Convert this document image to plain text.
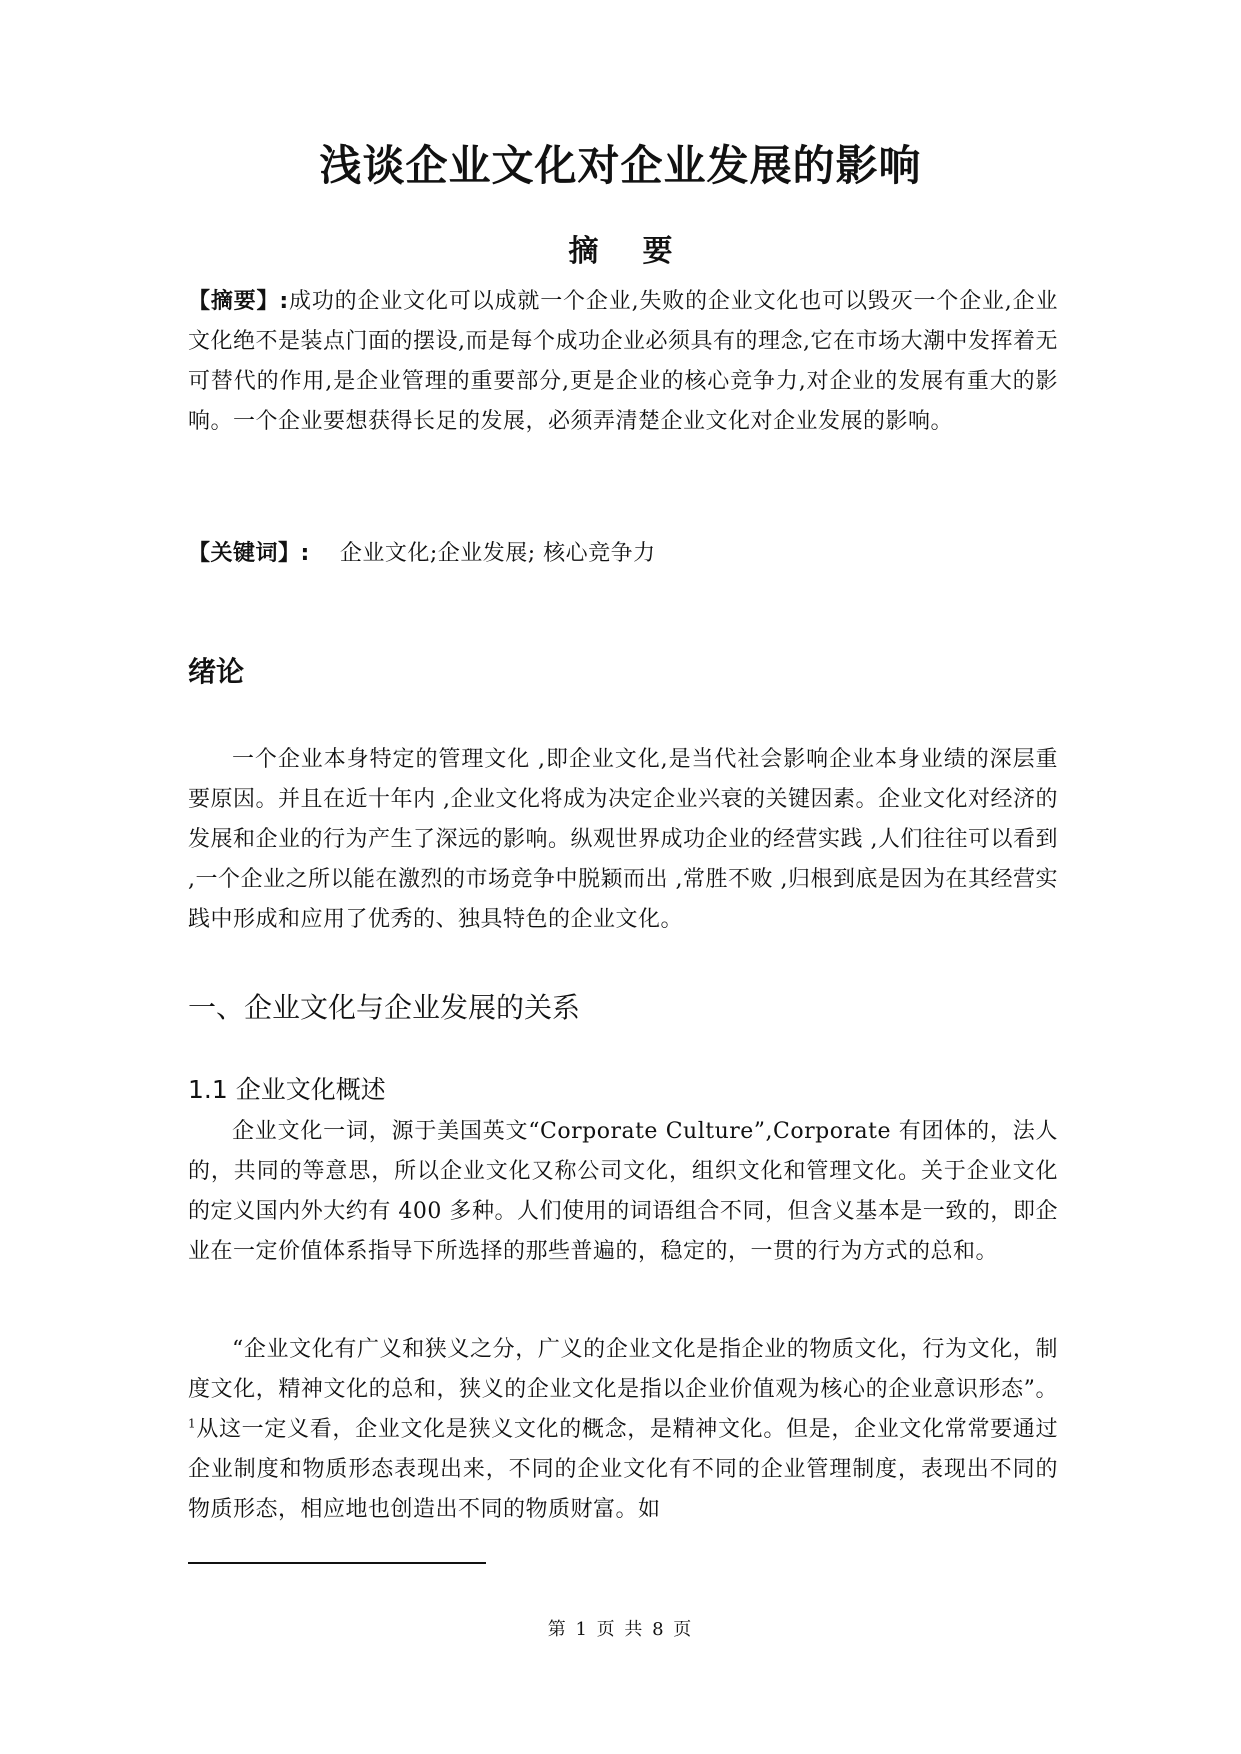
浅谈企业文化对企业发展的影响
摘 要

【摘要】:成功的企业文化可以成就一个企业,失败的企业文化也可以毁灭一个企业,企业文化绝不是装点门面的摆设,而是每个成功企业必须具有的理念,它在市场大潮中发挥着无可替代的作用,是企业管理的重要部分,更是企业的核心竞争力,对企业的发展有重大的影响。一个企业要想获得长足的发展，必须弄清楚企业文化对企业发展的影响。

【关键词】: 企业文化;企业发展; 核心竞争力

绪论

一个企业本身特定的管理文化 ,即企业文化,是当代社会影响企业本身业绩的深层重要原因。并且在近十年内 ,企业文化将成为决定企业兴衰的关键因素。企业文化对经济的发展和企业的行为产生了深远的影响。纵观世界成功企业的经营实践 ,人们往往可以看到 ,一个企业之所以能在激烈的市场竞争中脱颖而出 ,常胜不败 ,归根到底是因为在其经营实践中形成和应用了优秀的、独具特色的企业文化。

一、企业文化与企业发展的关系
1.1 企业文化概述

企业文化一词，源于美国英文“Corporate Culture”,Corporate 有团体的，法人的，共同的等意思，所以企业文化又称公司文化，组织文化和管理文化。关于企业文化的定义国内外大约有 400 多种。人们使用的词语组合不同，但含义基本是一致的，即企业在一定价值体系指导下所选择的那些普遍的，稳定的，一贯的行为方式的总和。

“企业文化有广义和狭义之分，广义的企业文化是指企业的物质文化，行为文化，制度文化，精神文化的总和，狭义的企业文化是指以企业价值观为核心的企业意识形态”。$^1$从这一定义看，企业文化是狭义文化的概念，是精神文化。但是，企业文化常常要通过企业制度和物质形态表现出来，不同的企业文化有不同的企业管理制度，表现出不同的物质形态，相应地也创造出不同的物质财富。如

第 1 页 共 8 页
